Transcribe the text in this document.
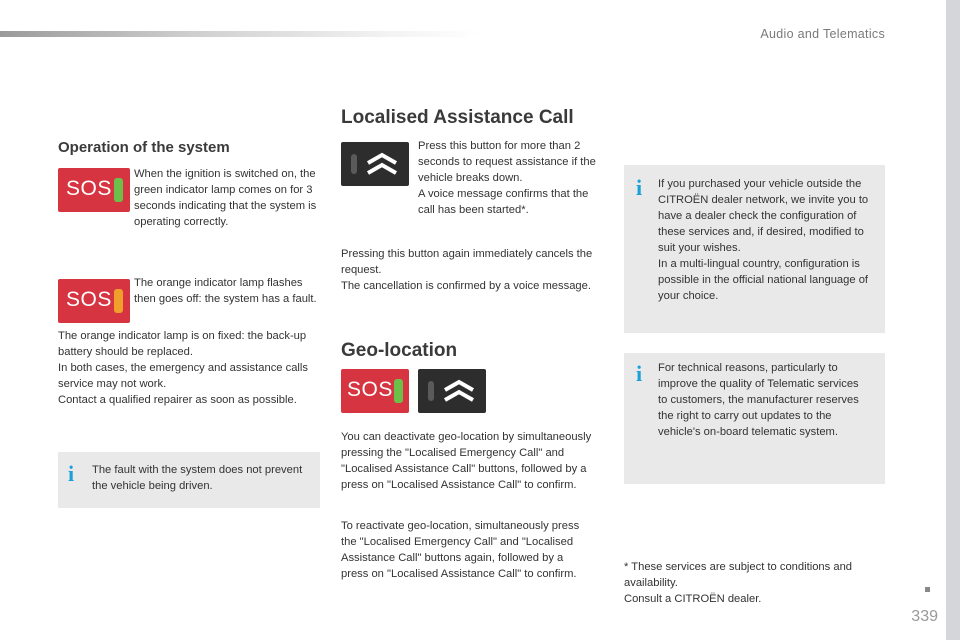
Audio and Telematics
Operation of the system
SOS
When the ignition is switched on, the green indicator lamp comes on for 3 seconds indicating that the system is operating correctly.
SOS
The orange indicator lamp flashes then goes off: the system has a fault.
The orange indicator lamp is on fixed: the back-up battery should be replaced.
In both cases, the emergency and assistance calls service may not work.
Contact a qualified repairer as soon as possible.
i The fault with the system does not prevent the vehicle being driven.
Localised Assistance Call
Press this button for more than 2 seconds to request assistance if the vehicle breaks down.
A voice message confirms that the call has been started*.
Pressing this button again immediately cancels the request.
The cancellation is confirmed by a voice message.
Geo-location
SOS
You can deactivate geo-location by simultaneously pressing the "Localised Emergency Call" and "Localised Assistance Call" buttons, followed by a press on "Localised Assistance Call" to confirm.
To reactivate geo-location, simultaneously press the "Localised Emergency Call" and "Localised Assistance Call" buttons again, followed by a press on "Localised Assistance Call" to confirm.
i If you purchased your vehicle outside the CITROËN dealer network, we invite you to have a dealer check the configuration of these services and, if desired, modified to suit your wishes.
In a multi-lingual country, configuration is possible in the official national language of your choice.
i For technical reasons, particularly to improve the quality of Telematic services to customers, the manufacturer reserves the right to carry out updates to the vehicle's on-board telematic system.
* These services are subject to conditions and availability.
Consult a CITROËN dealer.
339
